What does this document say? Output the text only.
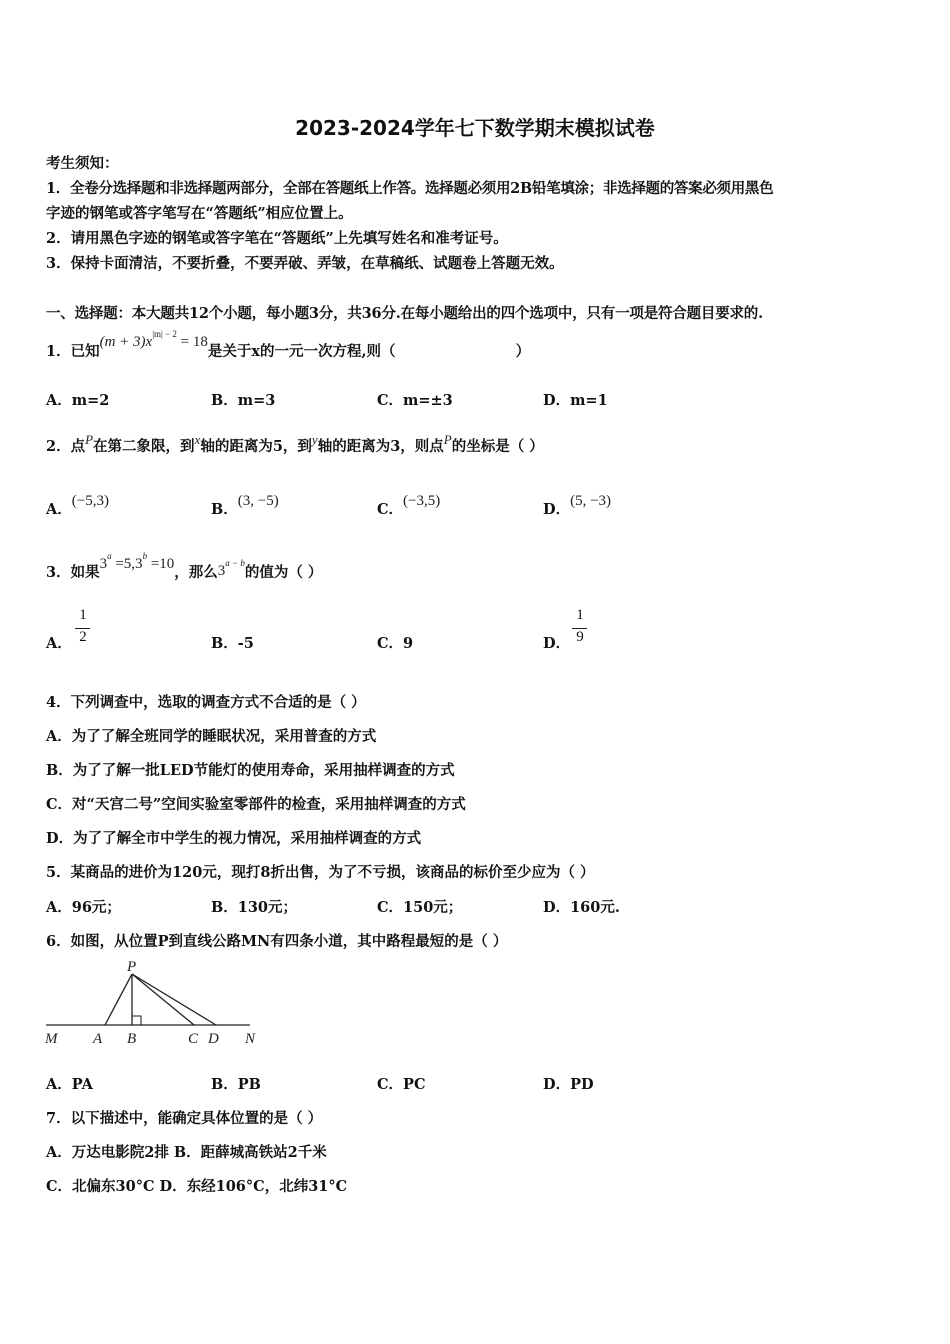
2023-2024学年七下数学期末模拟试卷
考生须知：
1．全卷分选择题和非选择题两部分，全部在答题纸上作答。选择题必须用2B铅笔填涂；非选择题的答案必须用黑色
字迹的钢笔或答字笔写在“答题纸”相应位置上。
2．请用黑色字迹的钢笔或答字笔在“答题纸”上先填写姓名和准考证号。
3．保持卡面清洁，不要折叠，不要弄破、弄皱，在草稿纸、试题卷上答题无效。
一、选择题：本大题共12个小题，每小题3分，共36分.在每小题给出的四个选项中，只有一项是符合题目要求的.
1．已知$(m + 3)x^{|m| - 2} = 18$是关于x的一元一次方程,则（	）
A．m=2	B．m=3	C．m=±3	D．m=1
2．点P在第二象限，到x轴的距离为5，到y轴的距离为3，则点P的坐标是（ ）
A．(−5,3)	B．(3, −5)	C．(−3,5)	D．(5, −3)
3．如果$3^a =5,3^b =10$，那么$3^{a - b}$的值为（ ）
A．
1
2	B．-5	C．9	D．
1
9
4．下列调查中，选取的调查方式不合适的是（ ）
A．为了了解全班同学的睡眠状况，采用普查的方式
B．为了了解一批LED节能灯的使用寿命，采用抽样调查的方式
C．对“天宫二号”空间实验室零部件的检查，采用抽样调查的方式
D．为了了解全市中学生的视力情况，采用抽样调查的方式
5．某商品的进价为120元，现打8折出售，为了不亏损，该商品的标价至少应为（ ）
A．96元；	B．130元；	C．150元；	D．160元.
6．如图，从位置P到直线公路MN有四条小道，其中路程最短的是（ ）
P
M A B	C D N
A．PA	B．PB	C．PC	D．PD
7．以下描述中，能确定具体位置的是（ ）
A．万达电影院2排 B．距薛城高铁站2千米
C．北偏东30°C D．东经106°C，北纬31°C
